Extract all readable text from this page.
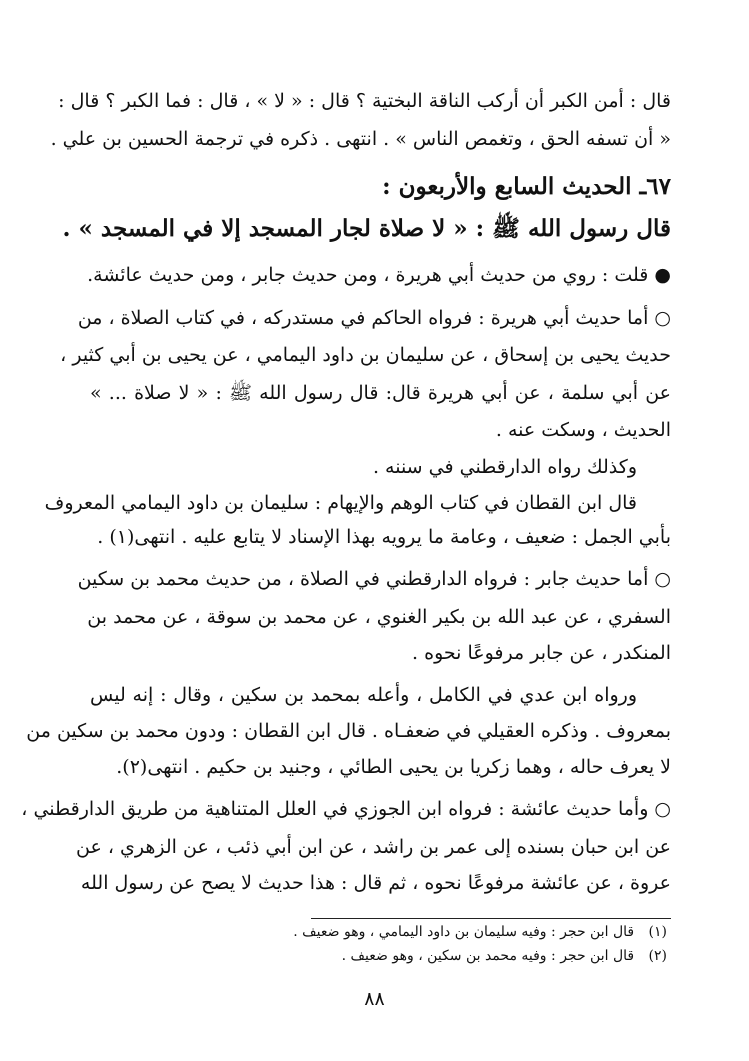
قال : أمن الكبر أن أركب الناقة البختية ؟ قال : « لا » ، قال : فما الكبر ؟ قال :
« أن تسفه الحق ، وتغمص الناس » . انتهى . ذكره في ترجمة الحسين بن علي .
٦٧ـ الحديث السابع والأربعون :
قال رسول الله ﷺ : « لا صلاة لجار المسجد إلا في المسجد » .
● قلت : روي من حديث أبي هريرة ، ومن حديث جابر ، ومن حديث عائشة.
○ أما حديث أبي هريرة : فرواه الحاكم في مستدركه ، في كتاب الصلاة ، من
حديث يحيى بن إسحاق ، عن سليمان بن داود اليمامي ، عن يحيى بن أبي كثير ،
عن أبي سلمة ، عن أبي هريرة قال: قال رسول الله ﷺ : « لا صلاة ... »
الحديث ، وسكت عنه .
وكذلك رواه الدارقطني في سننه .
قال ابن القطان في كتاب الوهم والإيهام : سليمان بن داود اليمامي المعروف
بأبي الجمل : ضعيف ، وعامة ما يرويه بهذا الإسناد لا يتابع عليه . انتهى(١) .
○ أما حديث جابر : فرواه الدارقطني في الصلاة ، من حديث محمد بن سكين
السفري ، عن عبد الله بن بكير الغنوي ، عن محمد بن سوقة ، عن محمد بن
المنكدر ، عن جابر مرفوعًا نحوه .
ورواه ابن عدي في الكامل ، وأعله بمحمد بن سكين ، وقال : إنه ليس
بمعروف . وذكره العقيلي في ضعفـاه . قال ابن القطان : ودون محمد بن سكين من
لا يعرف حاله ، وهما زكريا بن يحيى الطائي ، وجنيد بن حكيم . انتهى(٢).
○ وأما حديث عائشة : فرواه ابن الجوزي في العلل المتناهية من طريق الدارقطني ،
عن ابن حبان بسنده إلى عمر بن راشد ، عن ابن أبي ذئب ، عن الزهري ، عن
عروة ، عن عائشة مرفوعًا نحوه ، ثم قال : هذا حديث لا يصح عن رسول الله
(١) قال ابن حجر : وفيه سليمان بن داود اليمامي ، وهو ضعيف .
(٢) قال ابن حجر : وفيه محمد بن سكين ، وهو ضعيف .
٨٨
